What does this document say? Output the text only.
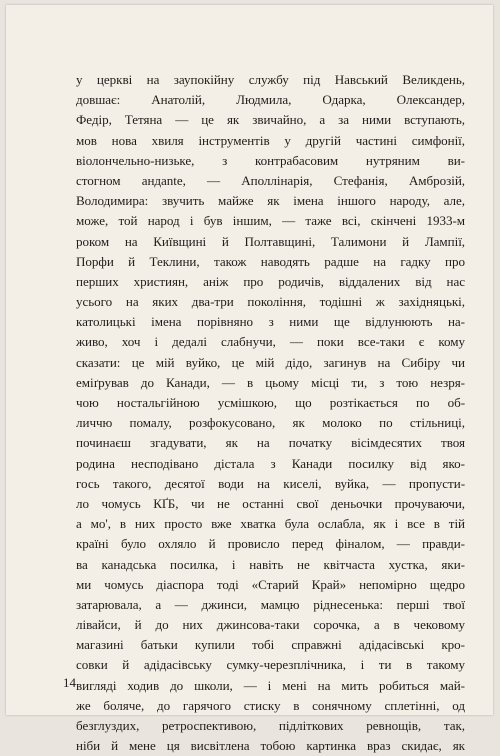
у церкві на заупокійну службу під Навський Великдень,
довшає: Анатолій, Людмила, Одарка, Олександер,
Федір, Тетяна — це як звичайно, а за ними вступають,
мов нова хвиля інструментів у другій частині симфонії,
віолончельно-низьке, з контрабасовим нутряним ви-
стогном андante, — Аполлінарія, Стефанія, Амброзій,
Володимира: звучить майже як імена іншого народу, але,
може, той народ і був іншим, — таже всі, скінчені 1933-м
роком на Київщині й Полтавщині, Талимони й Лампії,
Порфи й Теклини, також наводять радше на гадку про
перших християн, аніж про родичів, віддалених від нас
усього на яких два-три покоління, тодішні ж західняцькі,
католицькі імена порівняно з ними ще відлунюють на-
живо, хоч і дедалі слабнучи, — поки все-таки є кому
сказати: це мій вуйко, це мій дідо, загинув на Сибіру чи
еміґрував до Канади, — в цьому місці ти, з тою незря-
чою ностальгійною усмішкою, що розтікається по об-
личчю помалу, розфокусовано, як молоко по стільниці,
починаєш згадувати, як на початку вісімдесятих твоя
родина несподівано дістала з Канади посилку від яко-
гось такого, десятої води на киселі, вуйка, — пропусти-
ло чомусь КҐБ, чи не останні свої деньочки прочуваючи,
а мо', в них просто вже хватка була ослабла, як і все в тій
країні було охляло й провисло перед фіналом, — правди-
ва канадська посилка, і навіть не квітчаста хустка, яки-
ми чомусь діаспора тоді «Старий Край» непомірно щедро
затарювала, а — джинси, мамцю ріднесенька: перші твої
лівайси, й до них джинсова-таки сорочка, а в чековому
магазині батьки купили тобі справжні адідасівські кро-
совки й адідасівську сумку-черезплічника, і ти в такому
вигляді ходив до школи, — і мені на мить робиться май-
же боляче, до гарячого стиску в сонячному сплетінні, од
безглуздих, ретроспективою, підліткових ревнощів, так,
ніби й мене ця висвітлена тобою картинка враз скидає, як
14
